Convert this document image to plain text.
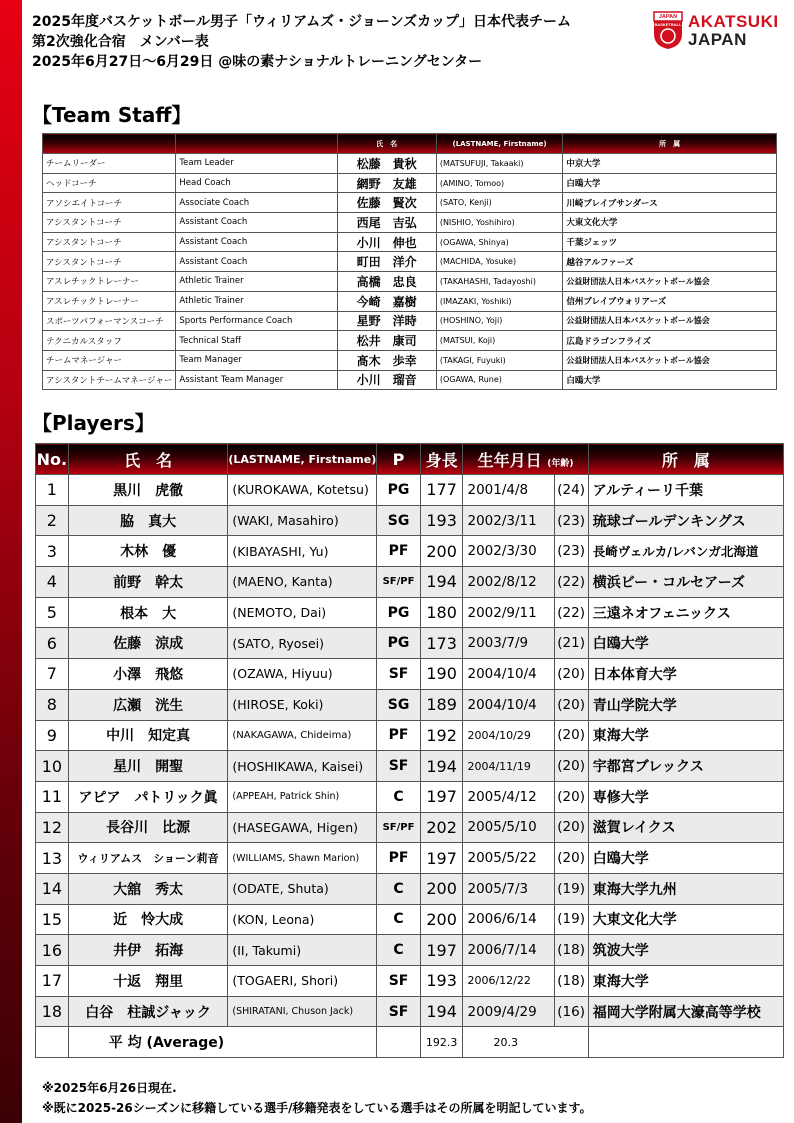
2025年度バスケットボール男子「ウィリアムズ・ジョーンズカップ」日本代表チーム
第2次強化合宿　メンバー表
2025年6月27日～6月29日 @味の素ナショナルトレーニングセンター
JAPAN
BASKETBALL AKATSUKI
JAPAN
【Team Staff】
		氏　名	(LASTNAME, Firstname)	所　属
チームリーダー	Team Leader	松藤　貴秋	(MATSUFUJI, Takaaki)	中京大学
ヘッドコーチ	Head Coach	網野　友雄	(AMINO, Tomoo)	白鴎大学
アソシエイトコーチ	Associate Coach	佐藤　賢次	(SATO, Kenji)	川崎ブレイブサンダース
アシスタントコーチ	Assistant Coach	西尾　吉弘	(NISHIO, Yoshihiro)	大東文化大学
アシスタントコーチ	Assistant Coach	小川　伸也	(OGAWA, Shinya)	千葉ジェッツ
アシスタントコーチ	Assistant Coach	町田　洋介	(MACHIDA, Yosuke)	越谷アルファーズ
アスレチックトレーナー	Athletic Trainer	高橋　忠良	(TAKAHASHI, Tadayoshi)	公益財団法人日本バスケットボール協会
アスレチックトレーナー	Athletic Trainer	今崎　嘉樹	(IMAZAKI, Yoshiki)	信州ブレイブウォリアーズ
スポーツパフォーマンスコーチ	Sports Performance Coach	星野　洋時	(HOSHINO, Yoji)	公益財団法人日本バスケットボール協会
テクニカルスタッフ	Technical Staff	松井　康司	(MATSUI, Koji)	広島ドラゴンフライズ
チームマネージャー	Team Manager	髙木　歩幸	(TAKAGI, Fuyuki)	公益財団法人日本バスケットボール協会
アシスタントチームマネージャー	Assistant Team Manager	小川　瑠音	(OGAWA, Rune)	白鴎大学
【Players】
No.	氏　名	(LASTNAME, Firstname)	P	身長	生年月日 (年齢)		所　属
1	黒川　虎徹	(KUROKAWA, Kotetsu)	PG	177	2001/4/8	(24)	アルティーリ千葉
2	脇　真大	(WAKI, Masahiro)	SG	193	2002/3/11	(23)	琉球ゴールデンキングス
3	木林　優	(KIBAYASHI, Yu)	PF	200	2002/3/30	(23)	長崎ヴェルカ/レバンガ北海道
4	前野　幹太	(MAENO, Kanta)	SF/PF	194	2002/8/12	(22)	横浜ビー・コルセアーズ
5	根本　大	(NEMOTO, Dai)	PG	180	2002/9/11	(22)	三遠ネオフェニックス
6	佐藤　涼成	(SATO, Ryosei)	PG	173	2003/7/9	(21)	白鴎大学
7	小澤　飛悠	(OZAWA, Hiyuu)	SF	190	2004/10/4	(20)	日本体育大学
8	広瀬　洸生	(HIROSE, Koki)	SG	189	2004/10/4	(20)	青山学院大学
9	中川　知定真	(NAKAGAWA, Chideima)	PF	192	2004/10/29	(20)	東海大学
10	星川　開聖	(HOSHIKAWA, Kaisei)	SF	194	2004/11/19	(20)	宇都宮ブレックス
11	アピア　パトリック眞	(APPEAH, Patrick Shin)	C	197	2005/4/12	(20)	専修大学
12	長谷川　比源	(HASEGAWA, Higen)	SF/PF	202	2005/5/10	(20)	滋賀レイクス
13	ウィリアムス　ショーン莉音	(WILLIAMS, Shawn Marion)	PF	197	2005/5/22	(20)	白鴎大学
14	大舘　秀太	(ODATE, Shuta)	C	200	2005/7/3	(19)	東海大学九州
15	近　怜大成	(KON, Leona)	C	200	2006/6/14	(19)	大東文化大学
16	井伊　拓海	(II, Takumi)	C	197	2006/7/14	(18)	筑波大学
17	十返　翔里	(TOGAERI, Shori)	SF	193	2006/12/22	(18)	東海大学
18	白谷　柱誠ジャック	(SHIRATANI, Chuson Jack)	SF	194	2009/4/29	(16)	福岡大学附属大濠高等学校
	平 均 (Average)			192.3	20.3		
※2025年6月26日現在.
※既に2025-26シーズンに移籍している選手/移籍発表をしている選手はその所属を明記しています。
